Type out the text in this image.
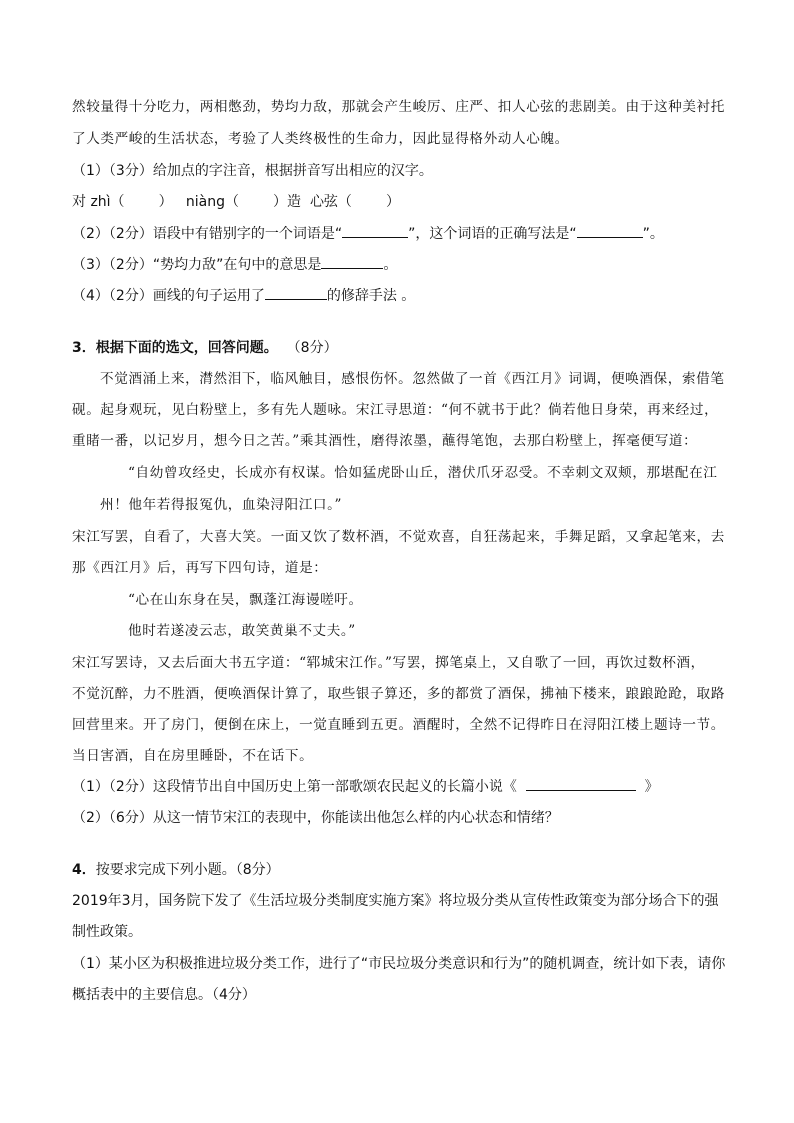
然较量得十分吃力，两相憋劲，势均力敌，那就会产生峻厉、庄严、扣人心弦的悲剧美。由于这种美衬托

了人类严峻的生活状态，考验了人类终极性的生命力，因此显得格外动人心魄。

（1）（3分）给加点的字注音，根据拼音写出相应的汉字。

对 zhì（ ） niàng（ ）造 心弦（ ）

（2）（2分）语段中有错别字的一个词语是“	”，这个词语的正确写法是“	”。

（3）（2分）“势均力敌”在句中的意思是	。

（4）（2分）画线的句子运用了	的修辞手法 。

3．根据下面的选文，回答问题。 （8分）

不觉酒涌上来，潸然泪下，临风触目，感恨伤怀。忽然做了一首《西江月》词调，便唤酒保，索借笔

砚。起身观玩，见白粉壁上，多有先人题咏。宋江寻思道：“何不就书于此？倘若他日身荣，再来经过，

重睹一番，以记岁月，想今日之苦。”乘其酒性，磨得浓墨，蘸得笔饱，去那白粉壁上，挥毫便写道：

“自幼曾攻经史，长成亦有权谋。恰如猛虎卧山丘，潜伏爪牙忍受。不幸刺文双颊，那堪配在江

州！他年若得报冤仇，血染浔阳江口。”

宋江写罢，自看了，大喜大笑。一面又饮了数杯酒，不觉欢喜，自狂荡起来，手舞足蹈，又拿起笔来，去

那《西江月》后，再写下四句诗，道是：

“心在山东身在吴，飘蓬江海谩嗟吁。

他时若遂凌云志，敢笑黄巢不丈夫。”

宋江写罢诗，又去后面大书五字道：“郓城宋江作。”写罢，掷笔桌上，又自歌了一回，再饮过数杯酒，

不觉沉醉，力不胜酒，便唤酒保计算了，取些银子算还，多的都赏了酒保，拂袖下楼来，踉踉跄跄，取路

回营里来。开了房门，便倒在床上，一觉直睡到五更。酒醒时，全然不记得昨日在浔阳江楼上题诗一节。

当日害酒，自在房里睡卧，不在话下。

（1）（2分）这段情节出自中国历史上第一部歌颂农民起义的长篇小说《	》

（2）（6分）从这一情节宋江的表现中，你能读出他怎么样的内心状态和情绪？

4．按要求完成下列小题。（8分）

2019年3月，国务院下发了《生活垃圾分类制度实施方案》将垃圾分类从宣传性政策变为部分场合下的强

制性政策。

（1）某小区为积极推进垃圾分类工作，进行了“市民垃圾分类意识和行为”的随机调查，统计如下表，请你

概括表中的主要信息。（4分）
